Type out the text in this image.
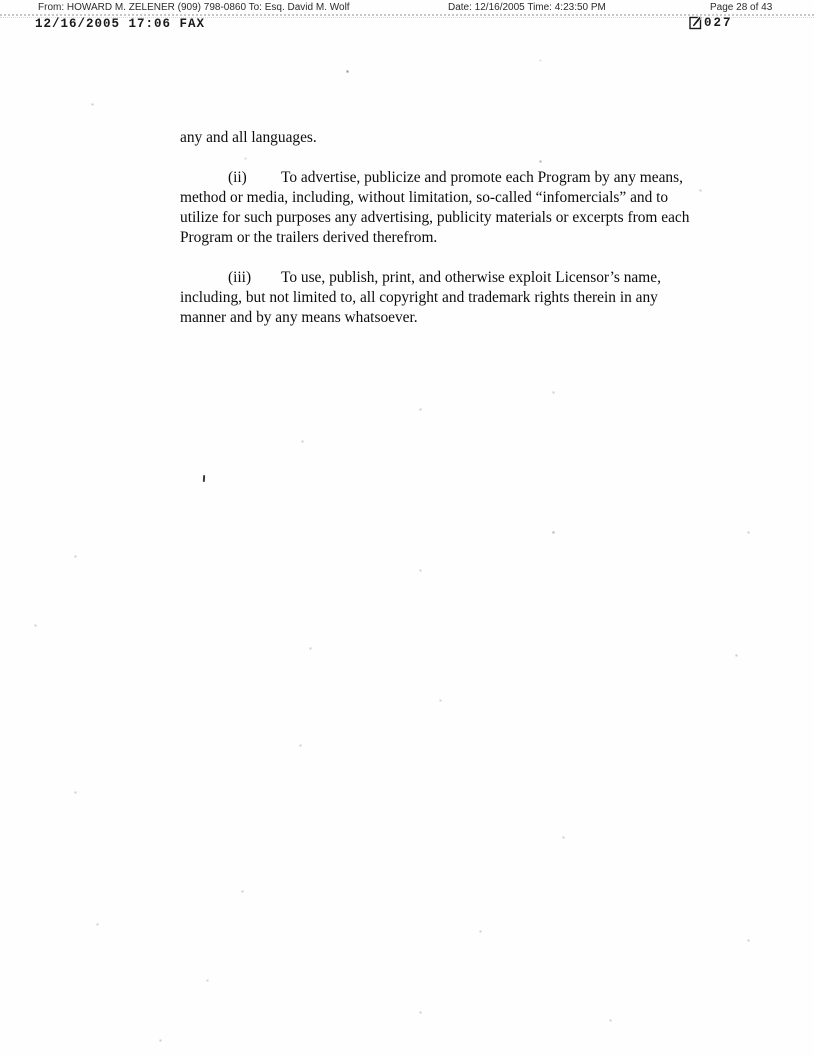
From: HOWARD M. ZELENER (909) 798-0860 To: Esq. David M. Wolf	Date: 12/16/2005 Time: 4:23:50 PM	Page 28 of 43
12/16/2005 17:06 FAX	027

any and all languages.

(ii) To advertise, publicize and promote each Program by any means, method or media, including, without limitation, so-called “infomercials” and to utilize for such purposes any advertising, publicity materials or excerpts from each Program or the trailers derived therefrom.

(iii) To use, publish, print, and otherwise exploit Licensor’s name, including, but not limited to, all copyright and trademark rights therein in any manner and by any means whatsoever.
